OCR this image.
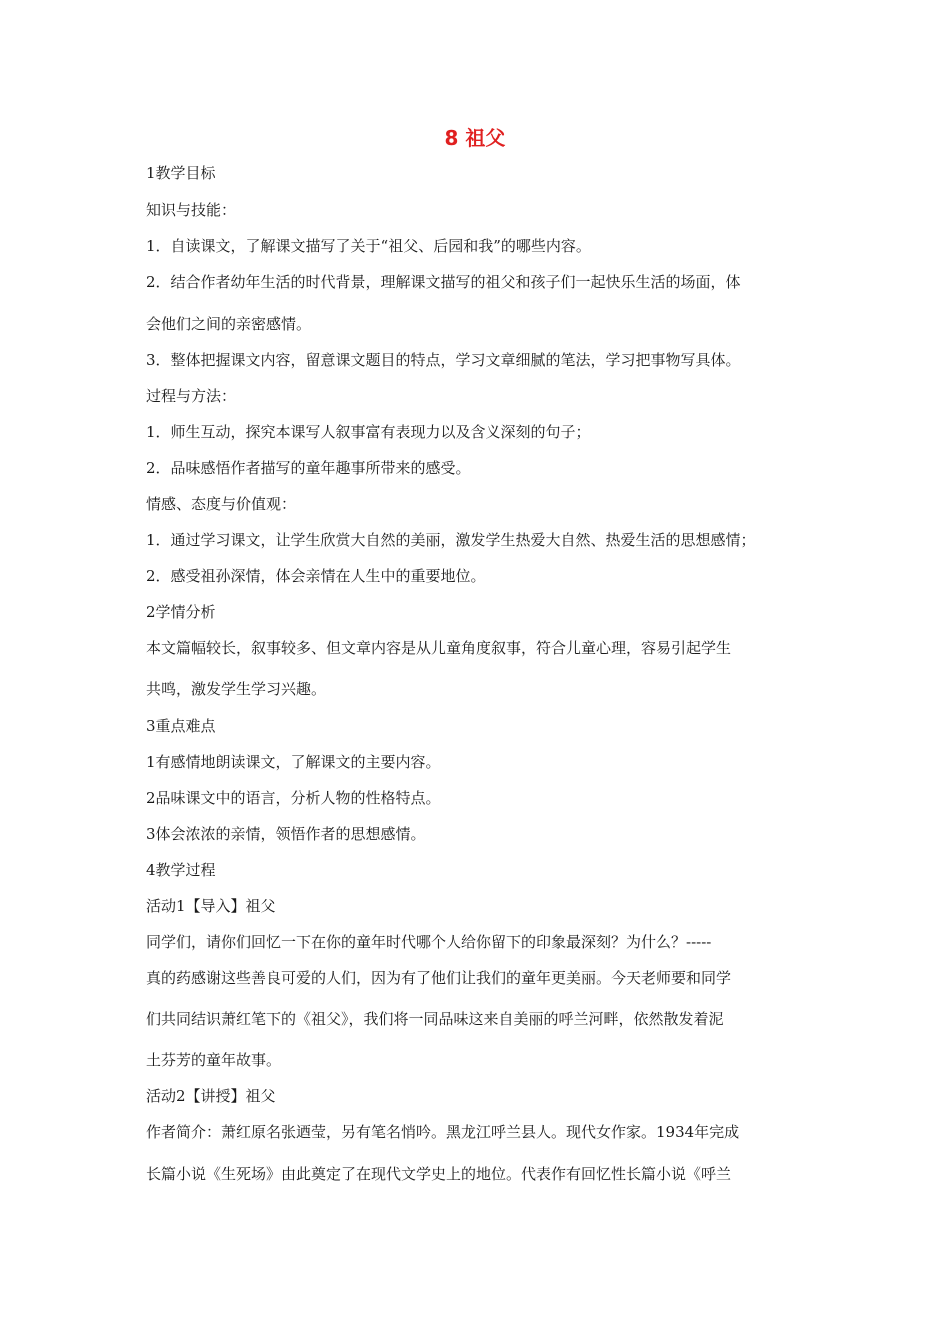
8 祖父

1教学目标

知识与技能：

1．自读课文，了解课文描写了关于“祖父、后园和我”的哪些内容。

2．结合作者幼年生活的时代背景，理解课文描写的祖父和孩子们一起快乐生活的场面，体

会他们之间的亲密感情。

3．整体把握课文内容，留意课文题目的特点，学习文章细腻的笔法，学习把事物写具体。

过程与方法：

1．师生互动，探究本课写人叙事富有表现力以及含义深刻的句子；

2．品味感悟作者描写的童年趣事所带来的感受。

情感、态度与价值观：

1．通过学习课文，让学生欣赏大自然的美丽，激发学生热爱大自然、热爱生活的思想感情；

2．感受祖孙深情，体会亲情在人生中的重要地位。

2学情分析

本文篇幅较长，叙事较多、但文章内容是从儿童角度叙事，符合儿童心理，容易引起学生

共鸣，激发学生学习兴趣。

3重点难点

1有感情地朗读课文，了解课文的主要内容。

2品味课文中的语言，分析人物的性格特点。

3体会浓浓的亲情，领悟作者的思想感情。

4教学过程

活动1【导入】祖父

同学们，请你们回忆一下在你的童年时代哪个人给你留下的印象最深刻？为什么？-----

真的药感谢这些善良可爱的人们，因为有了他们让我们的童年更美丽。今天老师要和同学

们共同结识萧红笔下的《祖父》，我们将一同品味这来自美丽的呼兰河畔，依然散发着泥

土芬芳的童年故事。

活动2【讲授】祖父

作者简介：萧红原名张迺莹，另有笔名悄吟。黑龙江呼兰县人。现代女作家。1934年完成

长篇小说《生死场》由此奠定了在现代文学史上的地位。代表作有回忆性长篇小说《呼兰
